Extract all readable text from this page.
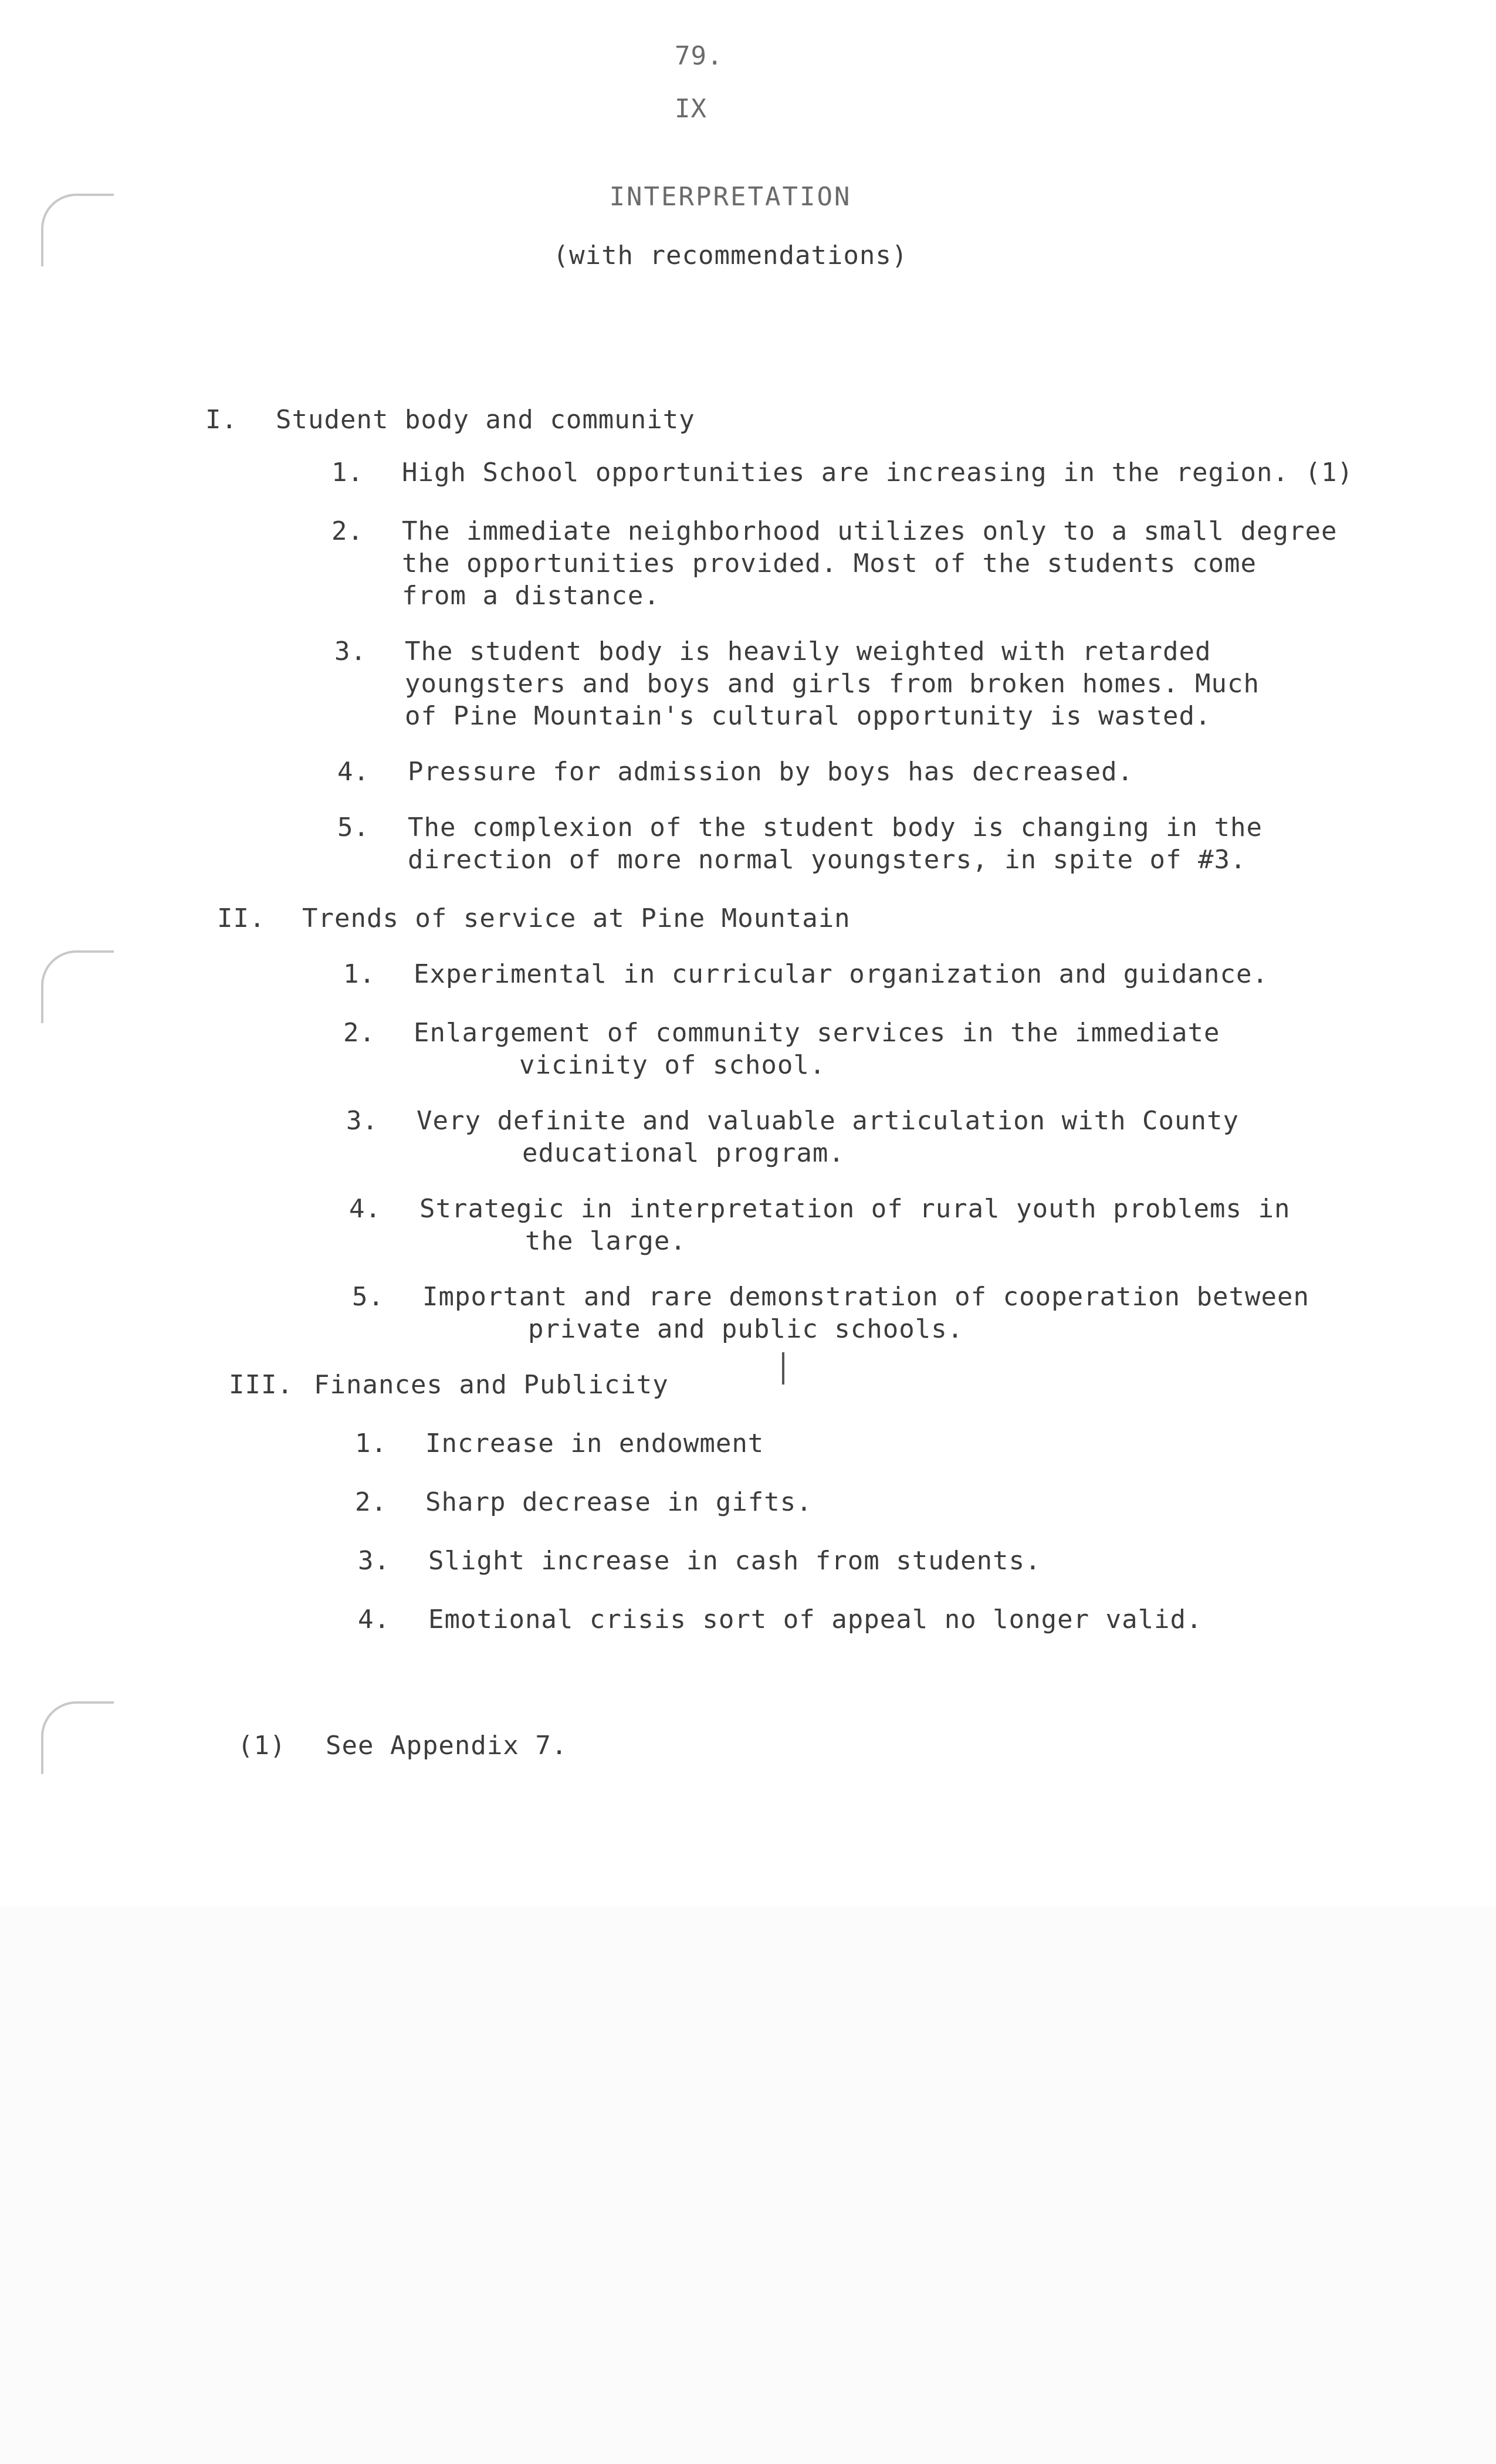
79.
IX
INTERPRETATION
(with recommendations)
I. Student body and community
1. High School opportunities are increasing in the region. (1)
2. The immediate neighborhood utilizes only to a small degree
the opportunities provided. Most of the students come
from a distance.
3. The student body is heavily weighted with retarded
youngsters and boys and girls from broken homes. Much
of Pine Mountain's cultural opportunity is wasted.
4. Pressure for admission by boys has decreased.
5. The complexion of the student body is changing in the
direction of more normal youngsters, in spite of #3.
II. Trends of service at Pine Mountain
1. Experimental in curricular organization and guidance.
2. Enlargement of community services in the immediate
vicinity of school.
3. Very definite and valuable articulation with County
educational program.
4. Strategic in interpretation of rural youth problems in
the large.
5. Important and rare demonstration of cooperation between
private and public schools.
III. Finances and Publicity
1. Increase in endowment
2. Sharp decrease in gifts.
3. Slight increase in cash from students.
4. Emotional crisis sort of appeal no longer valid.
(1) See Appendix 7.
